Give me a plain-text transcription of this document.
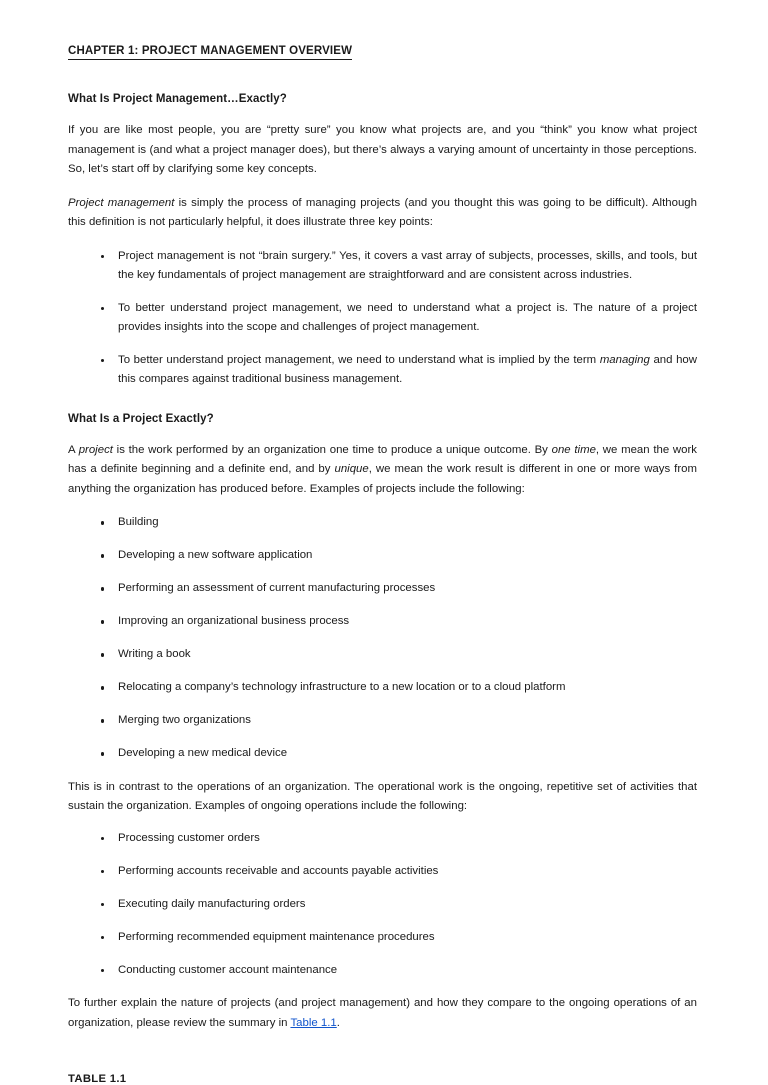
CHAPTER 1: PROJECT MANAGEMENT OVERVIEW
What Is Project Management…Exactly?

If you are like most people, you are “pretty sure” you know what projects are, and you “think” you know what project management is (and what a project manager does), but there’s always a varying amount of uncertainty in those perceptions. So, let’s start off by clarifying some key concepts.

Project management is simply the process of managing projects (and you thought this was going to be difficult). Although this definition is not particularly helpful, it does illustrate three key points:

Project management is not “brain surgery.” Yes, it covers a vast array of subjects, processes, skills, and tools, but the key fundamentals of project management are straightforward and are consistent across industries.
To better understand project management, we need to understand what a project is. The nature of a project provides insights into the scope and challenges of project management.
To better understand project management, we need to understand what is implied by the term managing and how this compares against traditional business management.
What Is a Project Exactly?

A project is the work performed by an organization one time to produce a unique outcome. By one time, we mean the work has a definite beginning and a definite end, and by unique, we mean the work result is different in one or more ways from anything the organization has produced before. Examples of projects include the following:

Building
Developing a new software application
Performing an assessment of current manufacturing processes
Improving an organizational business process
Writing a book
Relocating a company’s technology infrastructure to a new location or to a cloud platform
Merging two organizations
Developing a new medical device

This is in contrast to the operations of an organization. The operational work is the ongoing, repetitive set of activities that sustain the organization. Examples of ongoing operations include the following:

Processing customer orders
Performing accounts receivable and accounts payable activities
Executing daily manufacturing orders
Performing recommended equipment maintenance procedures
Conducting customer account maintenance

To further explain the nature of projects (and project management) and how they compare to the ongoing operations of an organization, please review the summary in Table 1.1.

TABLE 1.1
